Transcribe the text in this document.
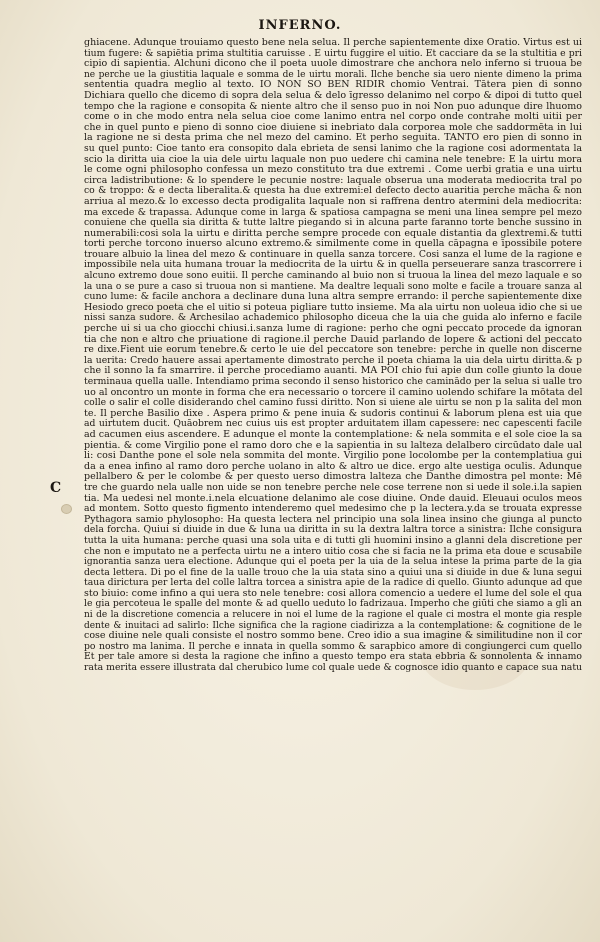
INFERNO.
C
ghiacene. Adunque trouiamo questo bene nela selua. Il perche sapientemente dixe Oratio. Virtus est ui
tium fugere: & sapiētia prima stultitia caruisse . E uirtu fuggire el uitio. Et cacciare da se la stultitia e pri
cipio di sapientia. Alchuni dicono che il poeta uuole dimostrare che anchora nelo inferno si truoua be
ne perche ue la giustitia laquale e somma de le uirtu morali. Ilche benche sia uero niente dimeno la prima
sententia quadra meglio al texto. IO NON SO BEN RIDIR chomio Ventrai. Tātera pien di sonno
Dichiara quello che dicemo di sopra dela selua & delo īgresso delanimo nel corpo & dipoi di tutto quel
tempo che la ragione e consopita & niente altro che il senso puo in noi Non puo adunque dire lhuomo
come o in che modo entra nela selua cioe come lanimo entra nel corpo onde contrahe molti uitii per
che in quel punto e pieno di sonno cioe diuiene si inebriato dala corporea mole che saddormēta in lui
la ragione ne si desta prima che nel mezo del camino. Et perho seguita. TANTO ero pien di sonno in
su quel punto: Cioe tanto era consopito dala ebrieta de sensi lanimo che la ragione cosi adormentata la
scio la diritta uia cioe la uia dele uirtu laquale non puo uedere chi camina nele tenebre: E la uirtu mora
le come ogni philosopho confessa un mezo constituto tra due extremi . Come uerbi gratia e una uirtu
circa ladistributione: & lo spendere le pecunie nostre: laquale obserua una moderata mediocrita tral po
co & troppo: & e decta liberalita.& questa ha due extremi:el defecto decto auaritia perche mācha & non
arriua al mezo.& lo excesso decta prodigalita laquale non si raffrena dentro atermini dela mediocrita:
ma excede & trapassa. Adunque come in larga & spatiosa campagna se meni una linea sempre pel mezo
conuiene che quella sia diritta & tutte laltre piegando si in alcuna parte faranno torte benche sussino in
numerabili:cosi sola la uirtu e diritta perche sempre procede con equale distantia da glextremi.& tutti
torti perche torcono inuerso alcuno extremo.& similmente come in quella cāpagna e īpossibile potere
trouare albuio la linea del mezo & continuare in quella sanza torcere. Cosi sanza el lume de la ragione e
impossibile nela uita humana trouar la mediocrita de la uirtu & in quella perseuerare sanza trascorrere i
alcuno extremo doue sono euitii. Il perche caminando al buio non si truoua la linea del mezo laquale e so
la una o se pure a caso si truoua non si mantiene. Ma dealtre lequali sono molte e facile a trouare sanza al
cuno lume: & facile anchora a declinare duna luna altra sempre errando: il perche sapientemente dixe
Hesiodo greco poeta che el uitio si poteua pigliare tutto insieme. Ma ala uirtu non uoleua idio che si ue
nissi sanza sudore. & Archesilao achademico philosopho diceua che la uia che guida alo inferno e facile
perche ui si ua cho giocchi chiusi.i.sanza lume di ragione: perho che ogni peccato procede da ignoran
tia che non e altro che priuatione di ragione.il perche Dauid parlando de lopere & actioni del peccato
re dixe.Fient uie eorum tenebre.& certo le uie del peccatore son tenebre: perche in quelle non discerne
la uerita: Credo hauere assai apertamente dimostrato perche il poeta chiama la uia dela uirtu diritta.& p
che il sonno la fa smarrire. il perche procediamo auanti. MA POI chio fui apie dun colle giunto la doue
terminaua quella ualle. Intendiamo prima secondo il senso historico che caminādo per la selua si ualle tro
uo al oncontro un monte in forma che era necessario o torcere il camino uolendo schifare la mōtata del
colle o salir el colle disiderando chel camino fussi diritto. Non si uiene ale uirtu se non p la salita del mon
te. Il perche Basilio dixe . Aspera primo & pene inuia & sudoris continui & laborum plena est uia que
ad uirtutem ducit. Quāobrem nec cuius uis est propter arduitatem illam capessere: nec capescenti facile
ad cacumen eius ascendere. E adunque el monte la contemplatione: & nela sommita e el sole cioe la sa
pientia. & come Virgilio pone el ramo doro che e la sapientia in su lalteza delalbero circūdato dale ual
li: cosi Danthe pone el sole nela sommita del monte. Virgilio pone locolombe per la contemplatiua gui
da a enea infino al ramo doro perche uolano in alto & altro ue dice. ergo alte uestiga oculis. Adunque
pellalbero & per le colombe & per questo uerso dimostra lalteza che Danthe dimostra pel monte: Mē
tre che guardo nela ualle non uide se non tenebre perche nele cose terrene non si uede il sole.i.la sapien
tia. Ma uedesi nel monte.i.nela elcuatione delanimo ale cose diuine. Onde dauid. Eleuaui oculos meos
ad montem. Sotto questo figmento intenderemo quel medesimo che p la lectera.y.da se trouata expresse
Pythagora samio phylosopho: Ha questa lectera nel principio una sola linea insino che giunga al puncto
dela forcha. Quiui si diuide in due & luna ua diritta in su la dextra laltra torce a sinistra: Ilche consigura
tutta la uita humana: perche quasi una sola uita e di tutti gli huomini insino a glanni dela discretione per
che non e imputato ne a perfecta uirtu ne a intero uitio cosa che si facia ne la prima eta doue e scusabile
ignorantia sanza uera electione. Adunque qui el poeta per la uia de la selua intese la prima parte de la gia
decta lettera. Di po el fine de la ualle trouo che la uia stata sino a quiui una si diuide in due & luna segui
taua dirictura per lerta del colle laltra torcea a sinistra apie de la radice di quello. Giunto adunque ad que
sto biuio: come infino a qui uera sto nele tenebre: cosi allora comencio a uedere el lume del sole el qua
le gia percoteua le spalle del monte & ad quello ueduto lo fadrizaua. Imperho che giūti che siamo a gli an
ni de la discretione comencia a relucere in noi el lume de la ragione el quale ci mostra el monte gia resple
dente & inuitaci ad salirlo: Ilche significa che la ragione ciadirizza a la contemplatione: & cognitione de le
cose diuine nele quali consiste el nostro sommo bene. Creo idio a sua imagine & similitudine non il cor
po nostro ma lanima. Il perche e innata in quella sommo & sarapbico amore di congiungerci cum quello
Et per tale amore si desta la ragione che infino a questo tempo era stata ebbria & sonnolenta & innamo
rata merita essere illustrata dal cherubico lume col quale uede & cognosce idio quanto e capace sua natu
